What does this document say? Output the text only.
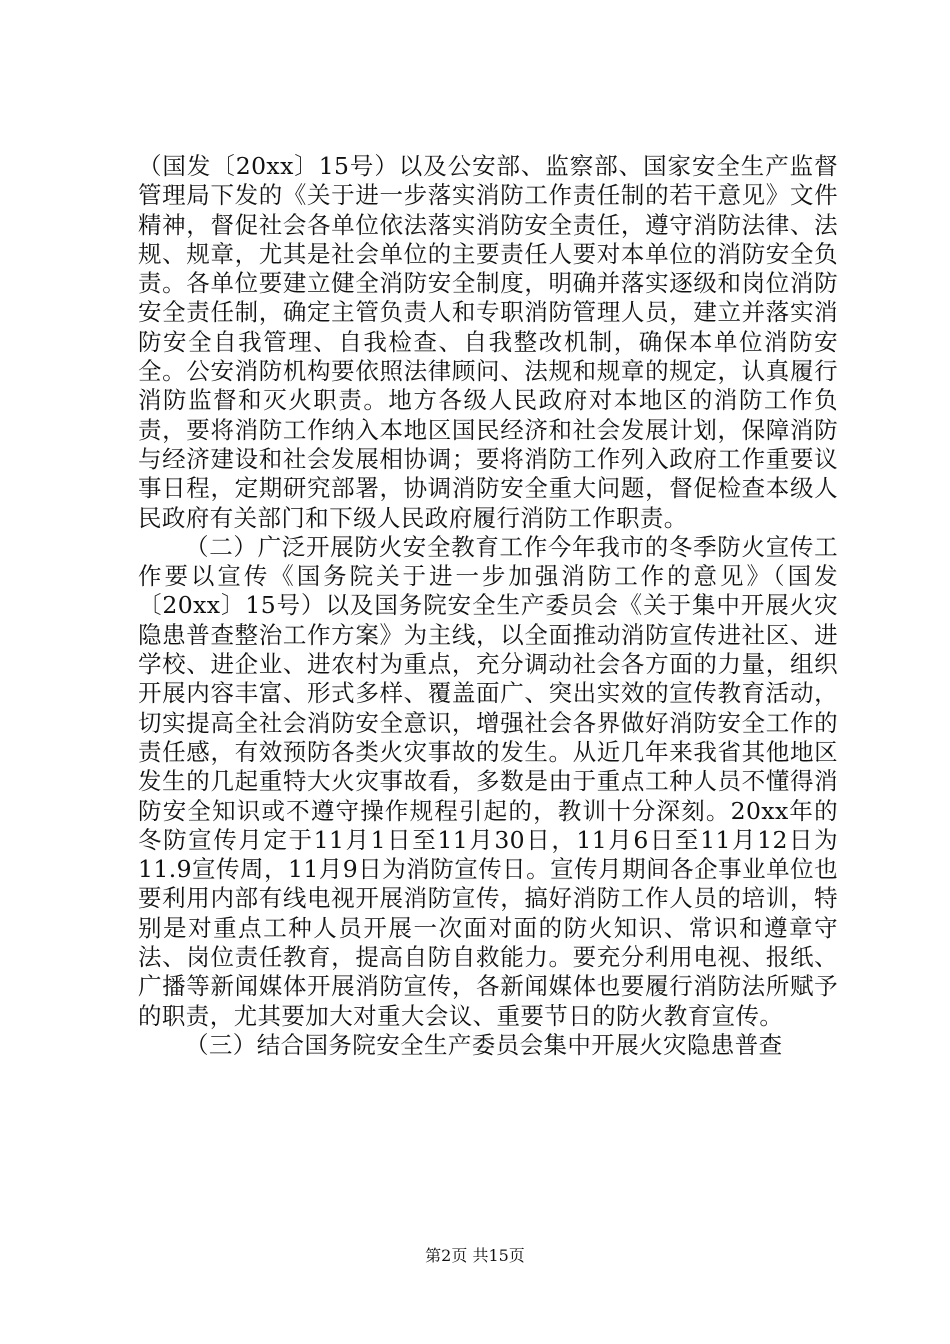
（国发〔20xx〕15号）以及公安部、监察部、国家安全生产监督管理局下发的《关于进一步落实消防工作责任制的若干意见》文件精神，督促社会各单位依法落实消防安全责任，遵守消防法律、法规、规章，尤其是社会单位的主要责任人要对本单位的消防安全负责。各单位要建立健全消防安全制度，明确并落实逐级和岗位消防安全责任制，确定主管负责人和专职消防管理人员，建立并落实消防安全自我管理、自我检查、自我整改机制，确保本单位消防安全。公安消防机构要依照法律顾问、法规和规章的规定，认真履行消防监督和灭火职责。地方各级人民政府对本地区的消防工作负责，要将消防工作纳入本地区国民经济和社会发展计划，保障消防与经济建设和社会发展相协调；要将消防工作列入政府工作重要议事日程，定期研究部署，协调消防安全重大问题，督促检查本级人民政府有关部门和下级人民政府履行消防工作职责。

（二）广泛开展防火安全教育工作今年我市的冬季防火宣传工作要以宣传《国务院关于进一步加强消防工作的意见》（国发〔20xx〕15号）以及国务院安全生产委员会《关于集中开展火灾隐患普查整治工作方案》为主线，以全面推动消防宣传进社区、进学校、进企业、进农村为重点，充分调动社会各方面的力量，组织开展内容丰富、形式多样、覆盖面广、突出实效的宣传教育活动，切实提高全社会消防安全意识，增强社会各界做好消防安全工作的责任感，有效预防各类火灾事故的发生。从近几年来我省其他地区发生的几起重特大火灾事故看，多数是由于重点工种人员不懂得消防安全知识或不遵守操作规程引起的，教训十分深刻。20xx年的冬防宣传月定于11月1日至11月30日，11月6日至11月12日为11.9宣传周，11月9日为消防宣传日。宣传月期间各企事业单位也要利用内部有线电视开展消防宣传，搞好消防工作人员的培训，特别是对重点工种人员开展一次面对面的防火知识、常识和遵章守法、岗位责任教育，提高自防自救能力。要充分利用电视、报纸、广播等新闻媒体开展消防宣传，各新闻媒体也要履行消防法所赋予的职责，尤其要加大对重大会议、重要节日的防火教育宣传。

（三）结合国务院安全生产委员会集中开展火灾隐患普查

第2页 共15页
